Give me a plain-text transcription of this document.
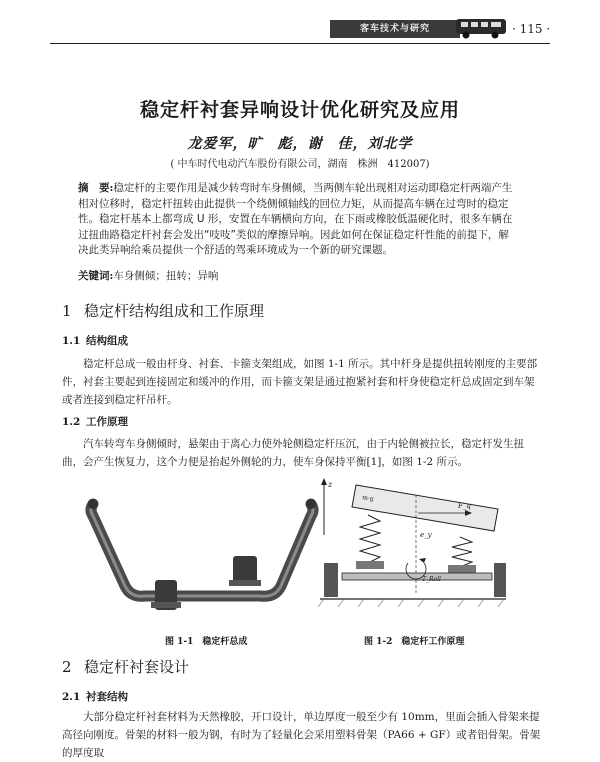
客车技术与研究	· 115 ·
稳定杆衬套异响设计优化研究及应用
龙爱军，旷　彪，谢　佳，刘北学
( 中车时代电动汽车股份有限公司，湖南　株洲　412007)
摘　要:稳定杆的主要作用是减少转弯时车身侧倾，当两侧车轮出现相对运动即稳定杆两端产生相对位移时，稳定杆扭转由此提供一个绕侧倾轴线的回位力矩，从而提高车辆在过弯时的稳定性。稳定杆基本上都弯成 U 形，安置在车辆横向方向，在下雨或橡胶低温硬化时，很多车辆在过扭曲路稳定杆衬套会发出“吱吱”类似的摩擦异响。因此如何在保证稳定杆性能的前提下，解决此类异响给乘员提供一个舒适的驾乘环境成为一个新的研究课题。
关键词:车身侧倾；扭转；异响
1 稳定杆结构组成和工作原理
1.1 结构组成
稳定杆总成一般由杆身、衬套、卡箍支架组成，如图 1-1 所示。其中杆身是提供扭转刚度的主要部件，衬套主要起到连接固定和缓冲的作用，而卡箍支架是通过抱紧衬套和杆身使稳定杆总成固定到车架或者连接到稳定杆吊杆。
1.2 工作原理
汽车转弯车身侧倾时，悬架由于离心力使外轮侧稳定杆压沉，由于内轮侧被拉长，稳定杆发生扭曲，会产生恢复力，这个力便是抬起外侧轮的力，使车身保持平衡[1]，如图 1-2 所示。
图 1-1　稳定杆总成
z
m·g
F_q
e_y
T_Roll
图 1-2　稳定杆工作原理
2 稳定杆衬套设计
2.1 衬套结构
大部分稳定杆衬套材料为天然橡胶，开口设计，单边厚度一般至少有 10mm，里面会插入骨架来提高径向刚度。骨架的材料一般为钢，有时为了轻量化会采用塑料骨架（PA66 + GF）或者铝骨架。骨架的厚度取
